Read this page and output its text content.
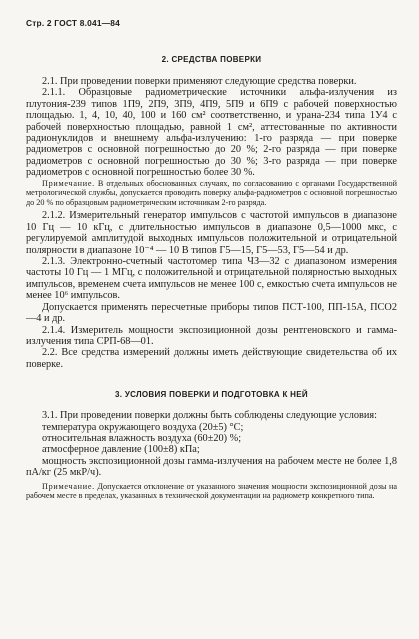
Стр. 2 ГОСТ 8.041—84
2. СРЕДСТВА ПОВЕРКИ

2.1. При проведении поверки применяют следующие средства поверки.

2.1.1. Образцовые радиометрические источники альфа-излучения из плутония-239 типов 1П9, 2П9, 3П9, 4П9, 5П9 и 6П9 с рабочей поверхностью площадью. 1, 4, 10, 40, 100 и 160 см² соответственно, и урана-234 типа 1У4 с рабочей поверхностью площадью, равной 1 см², аттестованные по активности радионуклидов и внешнему альфа-излучению: 1-го разряда — при поверке радиометров с основной погрешностью до 20 %; 2-го разряда — при поверке радиометров с основной погрешностью до 30 %; 3-го разряда — при поверке радиометров с основной погрешностью более 30 %.

Примечание. В отдельных обоснованных случаях, по согласованию с органами Государственной метрологической службы, допускается проводить поверку альфа-радиометров с основной погрешностью до 20 % по образцовым радиометрическим источникам 2-го разряда.

2.1.2. Измерительный генератор импульсов с частотой импульсов в диапазоне 10 Гц — 10 кГц, с длительностью импульсов в диапазоне 0,5—1000 мкс, с регулируемой амплитудой выходных импульсов положительной и отрицательной полярности в диапазоне 10⁻⁴ — 10 В типов Г5—15, Г5—53, Г5—54 и др.

2.1.3. Электронно-счетный частотомер типа ЧЗ—32 с диапазоном измерения частоты 10 Гц — 1 МГц, с положительной и отрицательной полярностью выходных импульсов, временем счета импульсов не менее 100 с, емкостью счета импульсов не менее 10⁶ импульсов.

Допускается применять пересчетные приборы типов ПСТ-100, ПП-15А, ПСО2—4 и др.

2.1.4. Измеритель мощности экспозиционной дозы рентгеновского и гамма-излучения типа СРП-68—01.

2.2. Все средства измерений должны иметь действующие свидетельства об их поверке.

3. УСЛОВИЯ ПОВЕРКИ И ПОДГОТОВКА К НЕЙ

3.1. При проведении поверки должны быть соблюдены следующие условия:

температура окружающего воздуха (20±5) °С;

относительная влажность воздуха (60±20) %;

атмосферное давление (100±8) кПа;

мощность экспозиционной дозы гамма-излучения на рабочем месте не более 1,8 пА/кг (25 мкР/ч).

Примечание. Допускается отклонение от указанного значения мощности экспозиционной дозы на рабочем месте в пределах, указанных в технической документации на радиометр конкретного типа.
